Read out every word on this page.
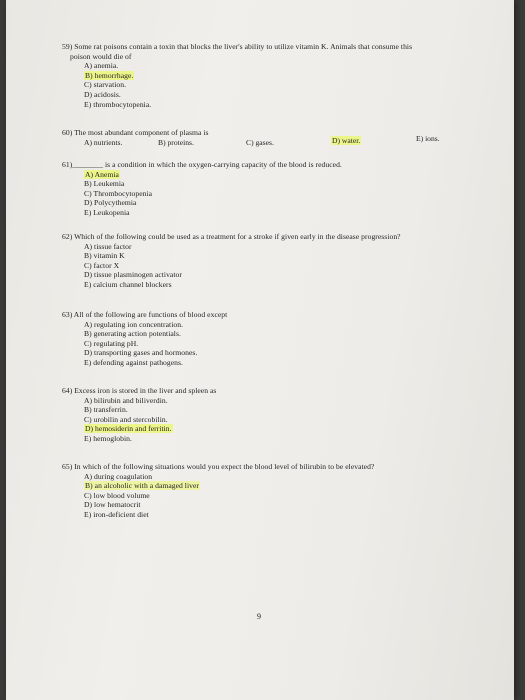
59) Some rat poisons contain a toxin that blocks the liver's ability to utilize vitamin K. Animals that consume this
poison would die of
A) anemia.
B) hemorrhage.
C) starvation.
D) acidosis.
E) thrombocytopenia.
60) The most abundant component of plasma is
A) nutrients.	B) proteins.	C) gases.	D) water.	E) ions.
61)________ is a condition in which the oxygen-carrying capacity of the blood is reduced.
A) Anemia
B) Leukemia
C) Thrombocytopenia
D) Polycythemia
E) Leukopenia
62) Which of the following could be used as a treatment for a stroke if given early in the disease progression?
A) tissue factor
B) vitamin K
C) factor X
D) tissue plasminogen activator
E) calcium channel blockers
63) All of the following are functions of blood except
A) regulating ion concentration.
B) generating action potentials.
C) regulating pH.
D) transporting gases and hormones.
E) defending against pathogens.
64) Excess iron is stored in the liver and spleen as
A) bilirubin and biliverdin.
B) transferrin.
C) urobilin and stercobilin.
D) hemosiderin and ferritin.
E) hemoglobin.
65) In which of the following situations would you expect the blood level of bilirubin to be elevated?
A) during coagulation
B) an alcoholic with a damaged liver
C) low blood volume
D) low hematocrit
E) iron-deficient diet
9
